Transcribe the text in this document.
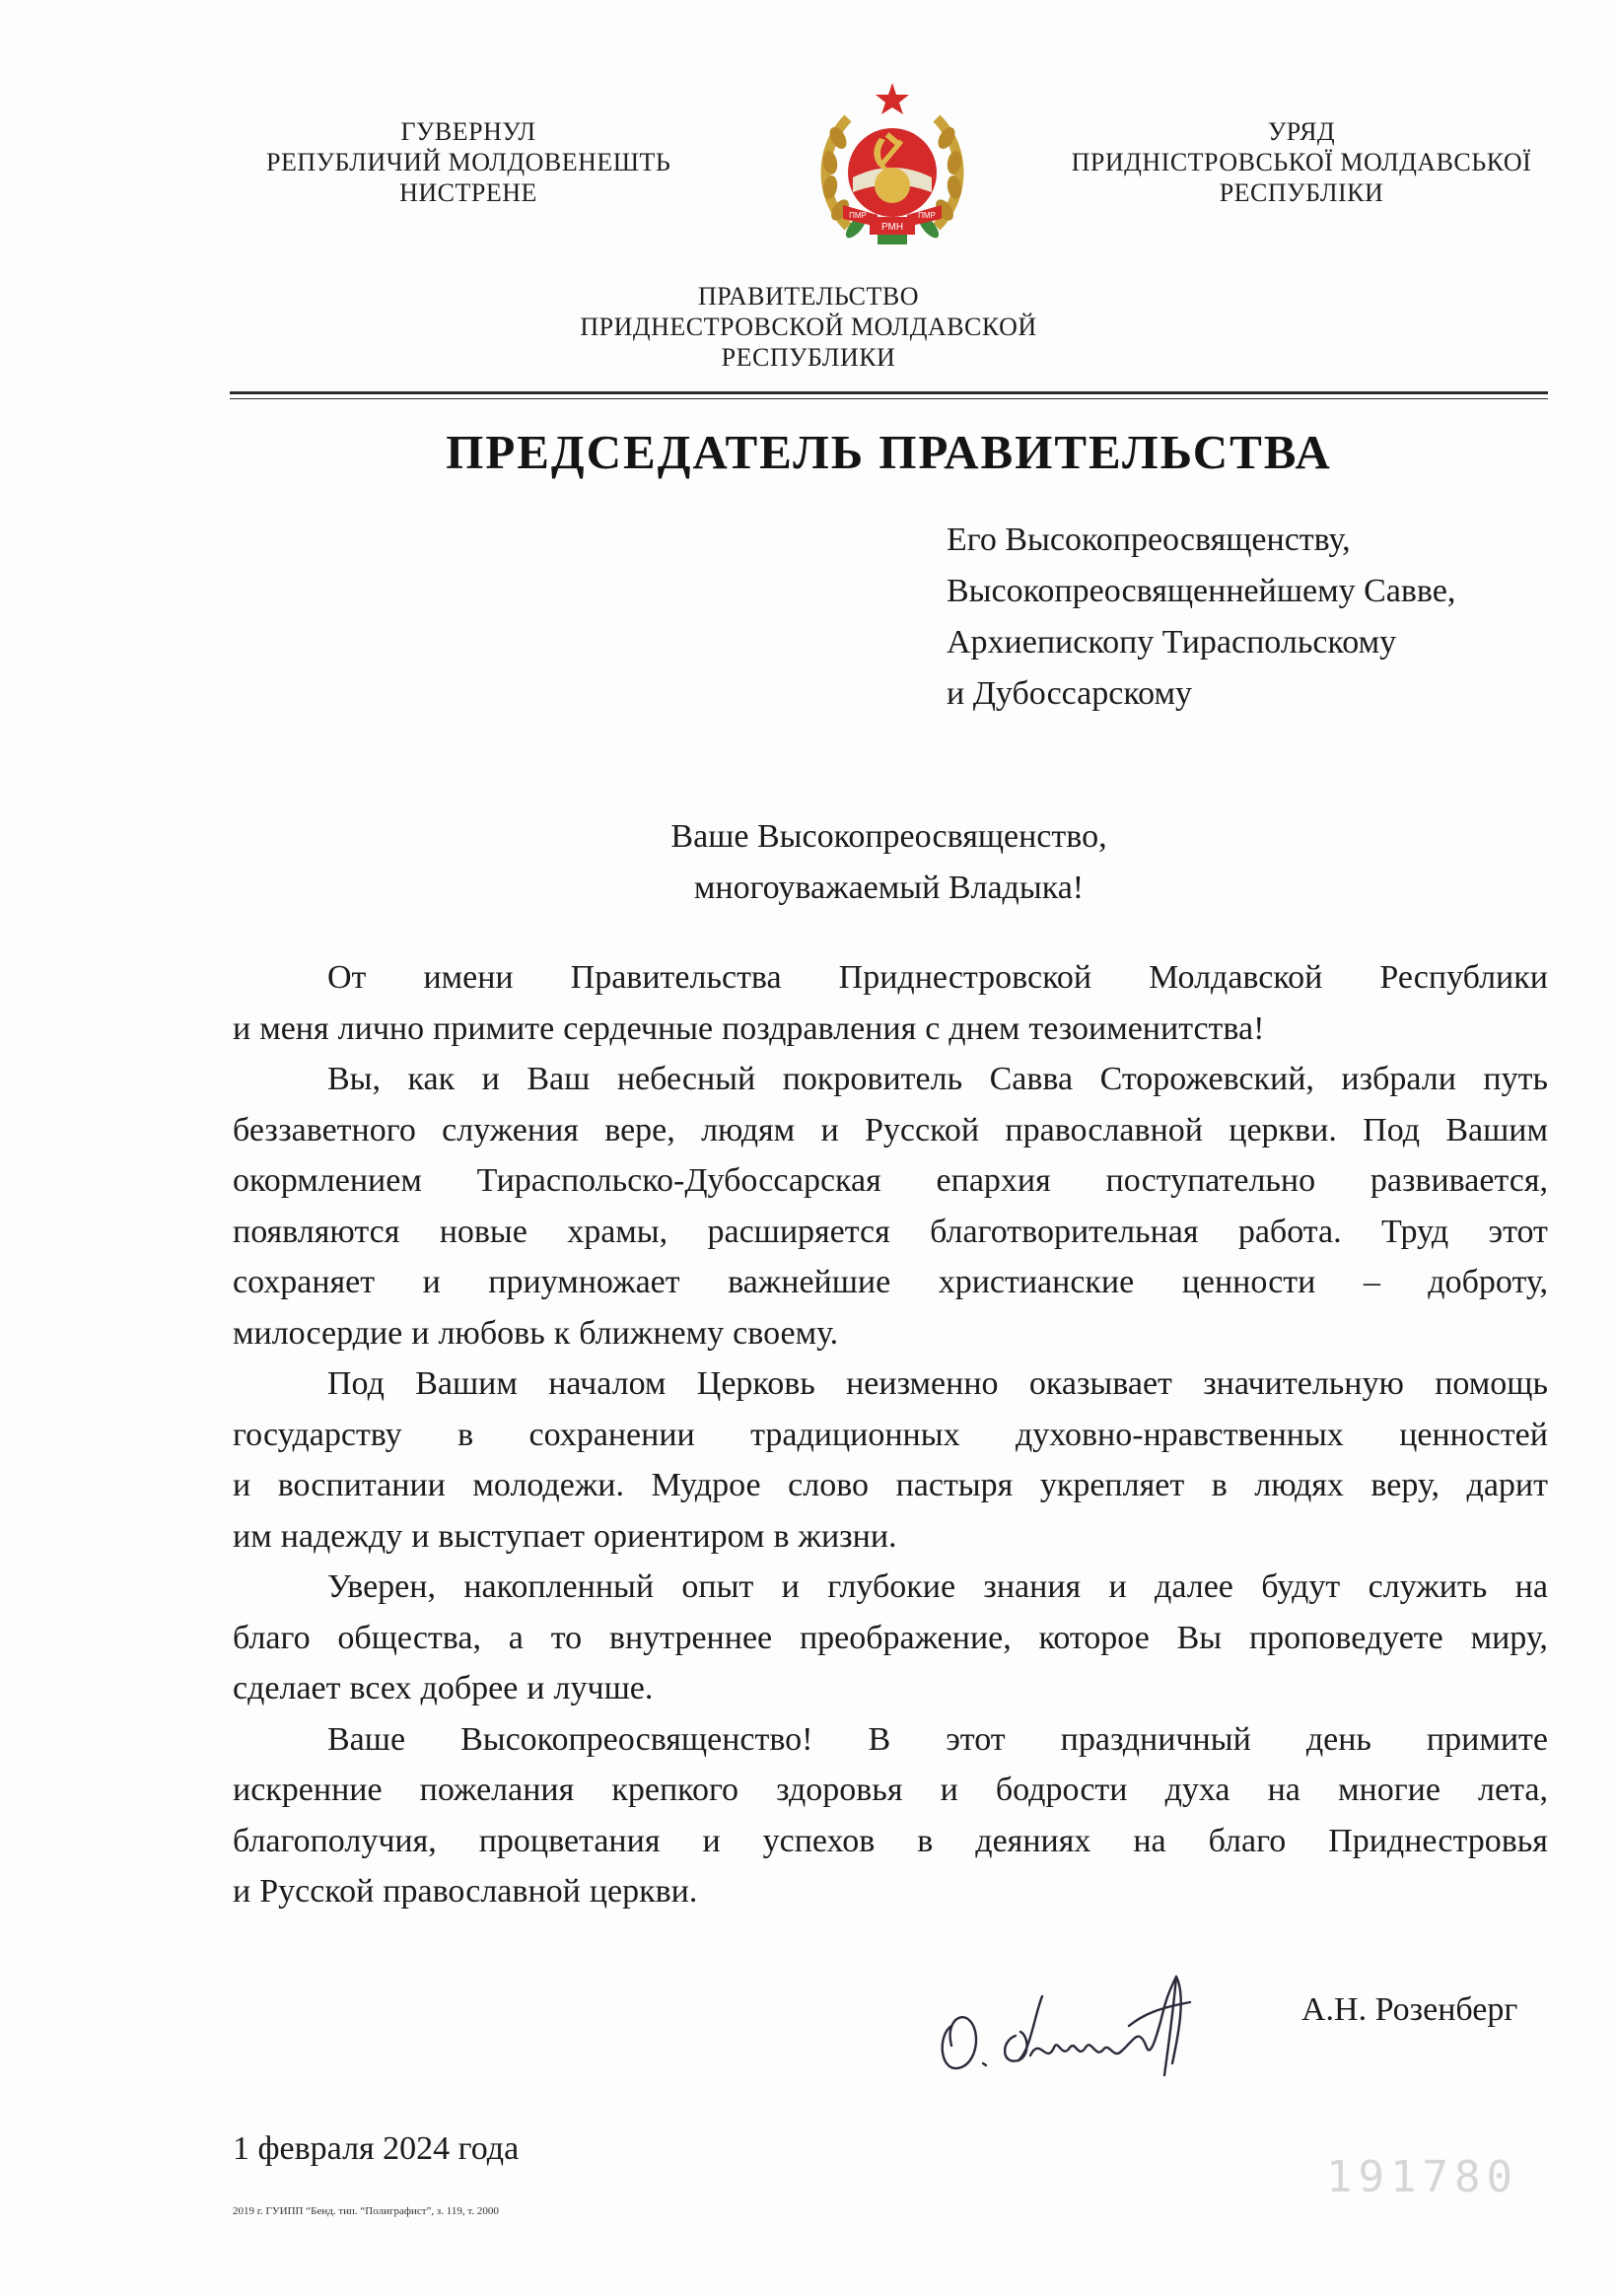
ГУВЕРНУЛ
РЕПУБЛИЧИЙ МОЛДОВЕНЕШТЬ
НИСТРЕНЕ
ПМР	ПМР
РМН
УРЯД
ПРИДНІСТРОВСЬКОЇ МОЛДАВСЬКОЇ
РЕСПУБЛІКИ
ПРАВИТЕЛЬСТВО
ПРИДНЕСТРОВСКОЙ МОЛДАВСКОЙ
РЕСПУБЛИКИ
ПРЕДСЕДАТЕЛЬ ПРАВИТЕЛЬСТВА
Его Высокопреосвященству,
Высокопреосвященнейшему Савве,
Архиепископу Тираспольскому
и Дубоссарскому
Ваше Высокопреосвященство,
многоуважаемый Владыка!
От имени Правительства Приднестровской Молдавской Республики
и меня лично примите сердечные поздравления с днем тезоименитства!
Вы, как и Ваш небесный покровитель Савва Сторожевский, избрали путь
беззаветного служения вере, людям и Русской православной церкви. Под Вашим
окормлением Тираспольско-Дубоссарская епархия поступательно развивается,
появляются новые храмы, расширяется благотворительная работа. Труд этот
сохраняет и приумножает важнейшие христианские ценности – доброту,
милосердие и любовь к ближнему своему.
Под Вашим началом Церковь неизменно оказывает значительную помощь
государству в сохранении традиционных духовно-нравственных ценностей
и воспитании молодежи. Мудрое слово пастыря укрепляет в людях веру, дарит
им надежду и выступает ориентиром в жизни.
Уверен, накопленный опыт и глубокие знания и далее будут служить на
благо общества, а то внутреннее преображение, которое Вы проповедуете миру,
сделает всех добрее и лучше.
Ваше Высокопреосвященство! В этот праздничный день примите
искренние пожелания крепкого здоровья и бодрости духа на многие лета,
благополучия, процветания и успехов в деяниях на благо Приднестровья
и Русской православной церкви.
А.Н. Розенберг
1 февраля 2024 года
191780
2019 г. ГУИПП “Бенд. тип. “Полиграфист”, з. 119, т. 2000
